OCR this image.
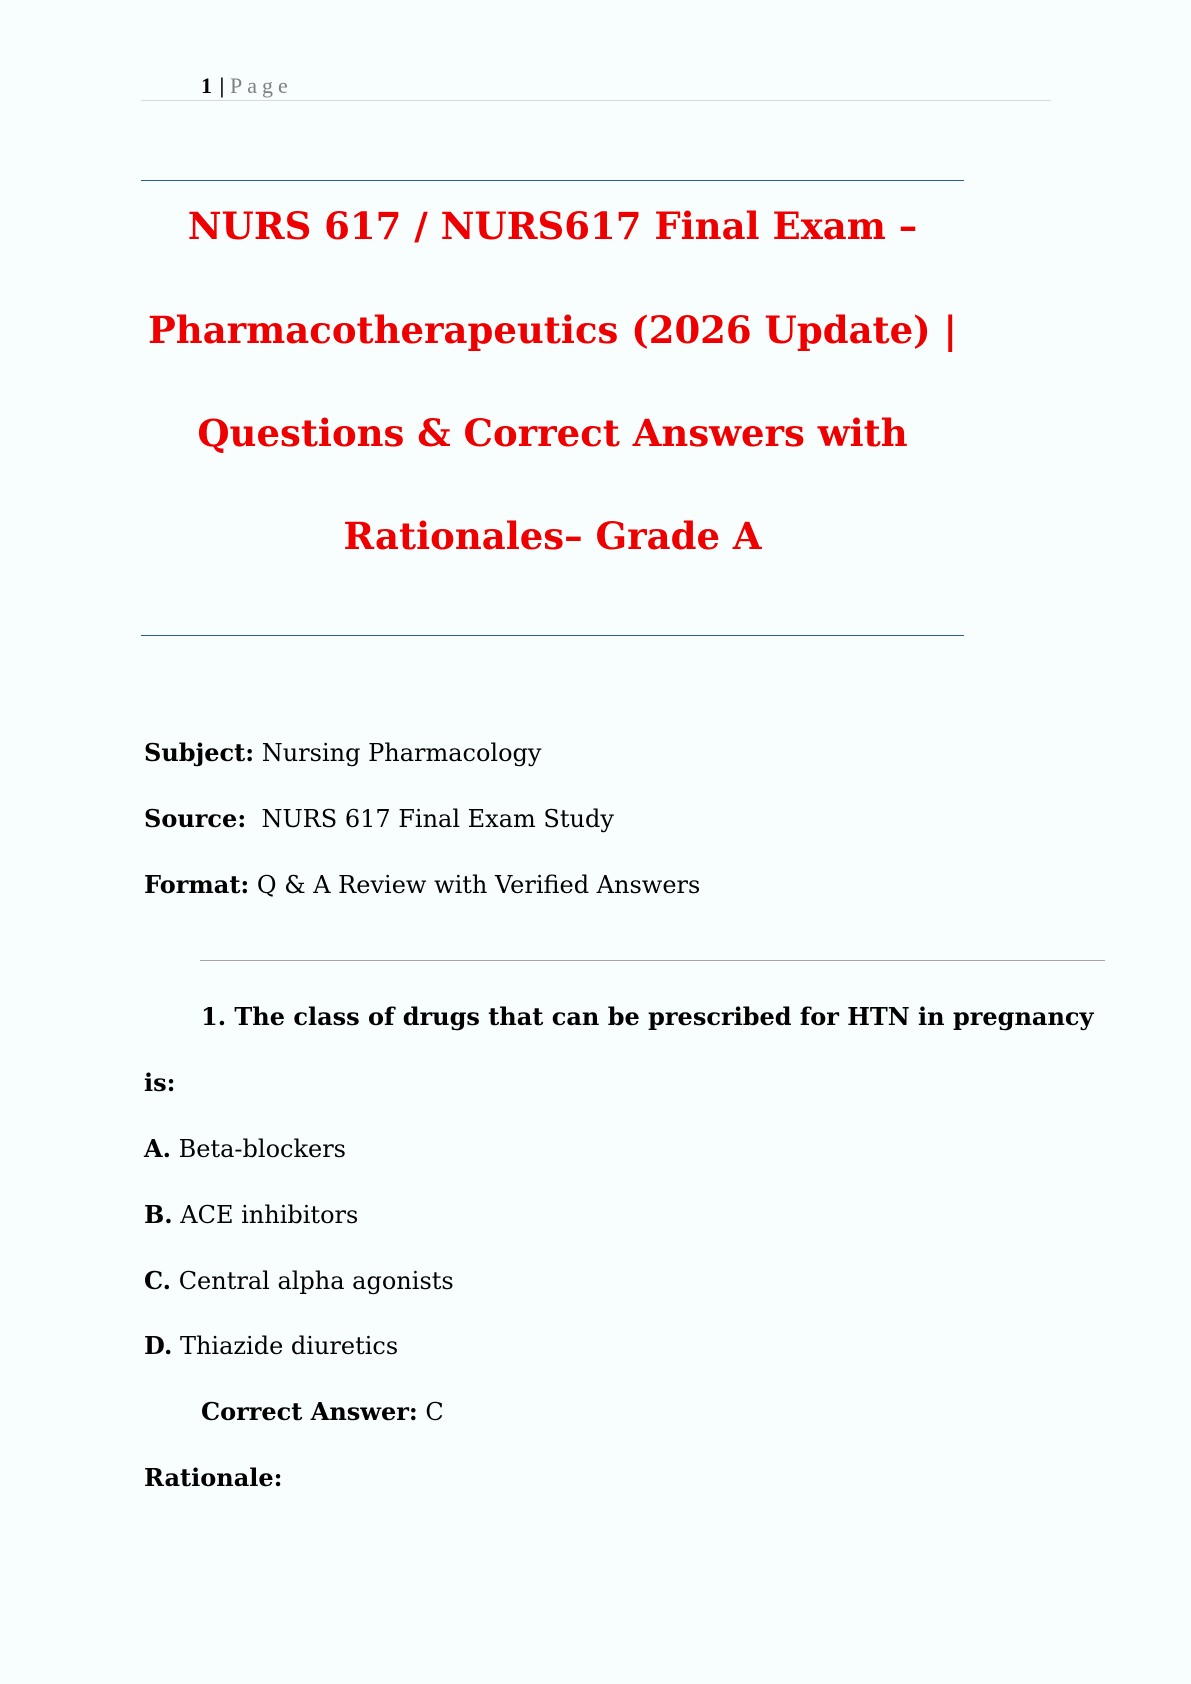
1 | Page
NURS 617 / NURS617 Final Exam –
Pharmacotherapeutics (2026 Update) |
Questions & Correct Answers with
Rationales– Grade A
Subject: Nursing Pharmacology
Source: NURS 617 Final Exam Study
Format: Q & A Review with Verified Answers
1. The class of drugs that can be prescribed for HTN in pregnancy
is:
A. Beta-blockers
B. ACE inhibitors
C. Central alpha agonists
D. Thiazide diuretics
Correct Answer: C
Rationale:
